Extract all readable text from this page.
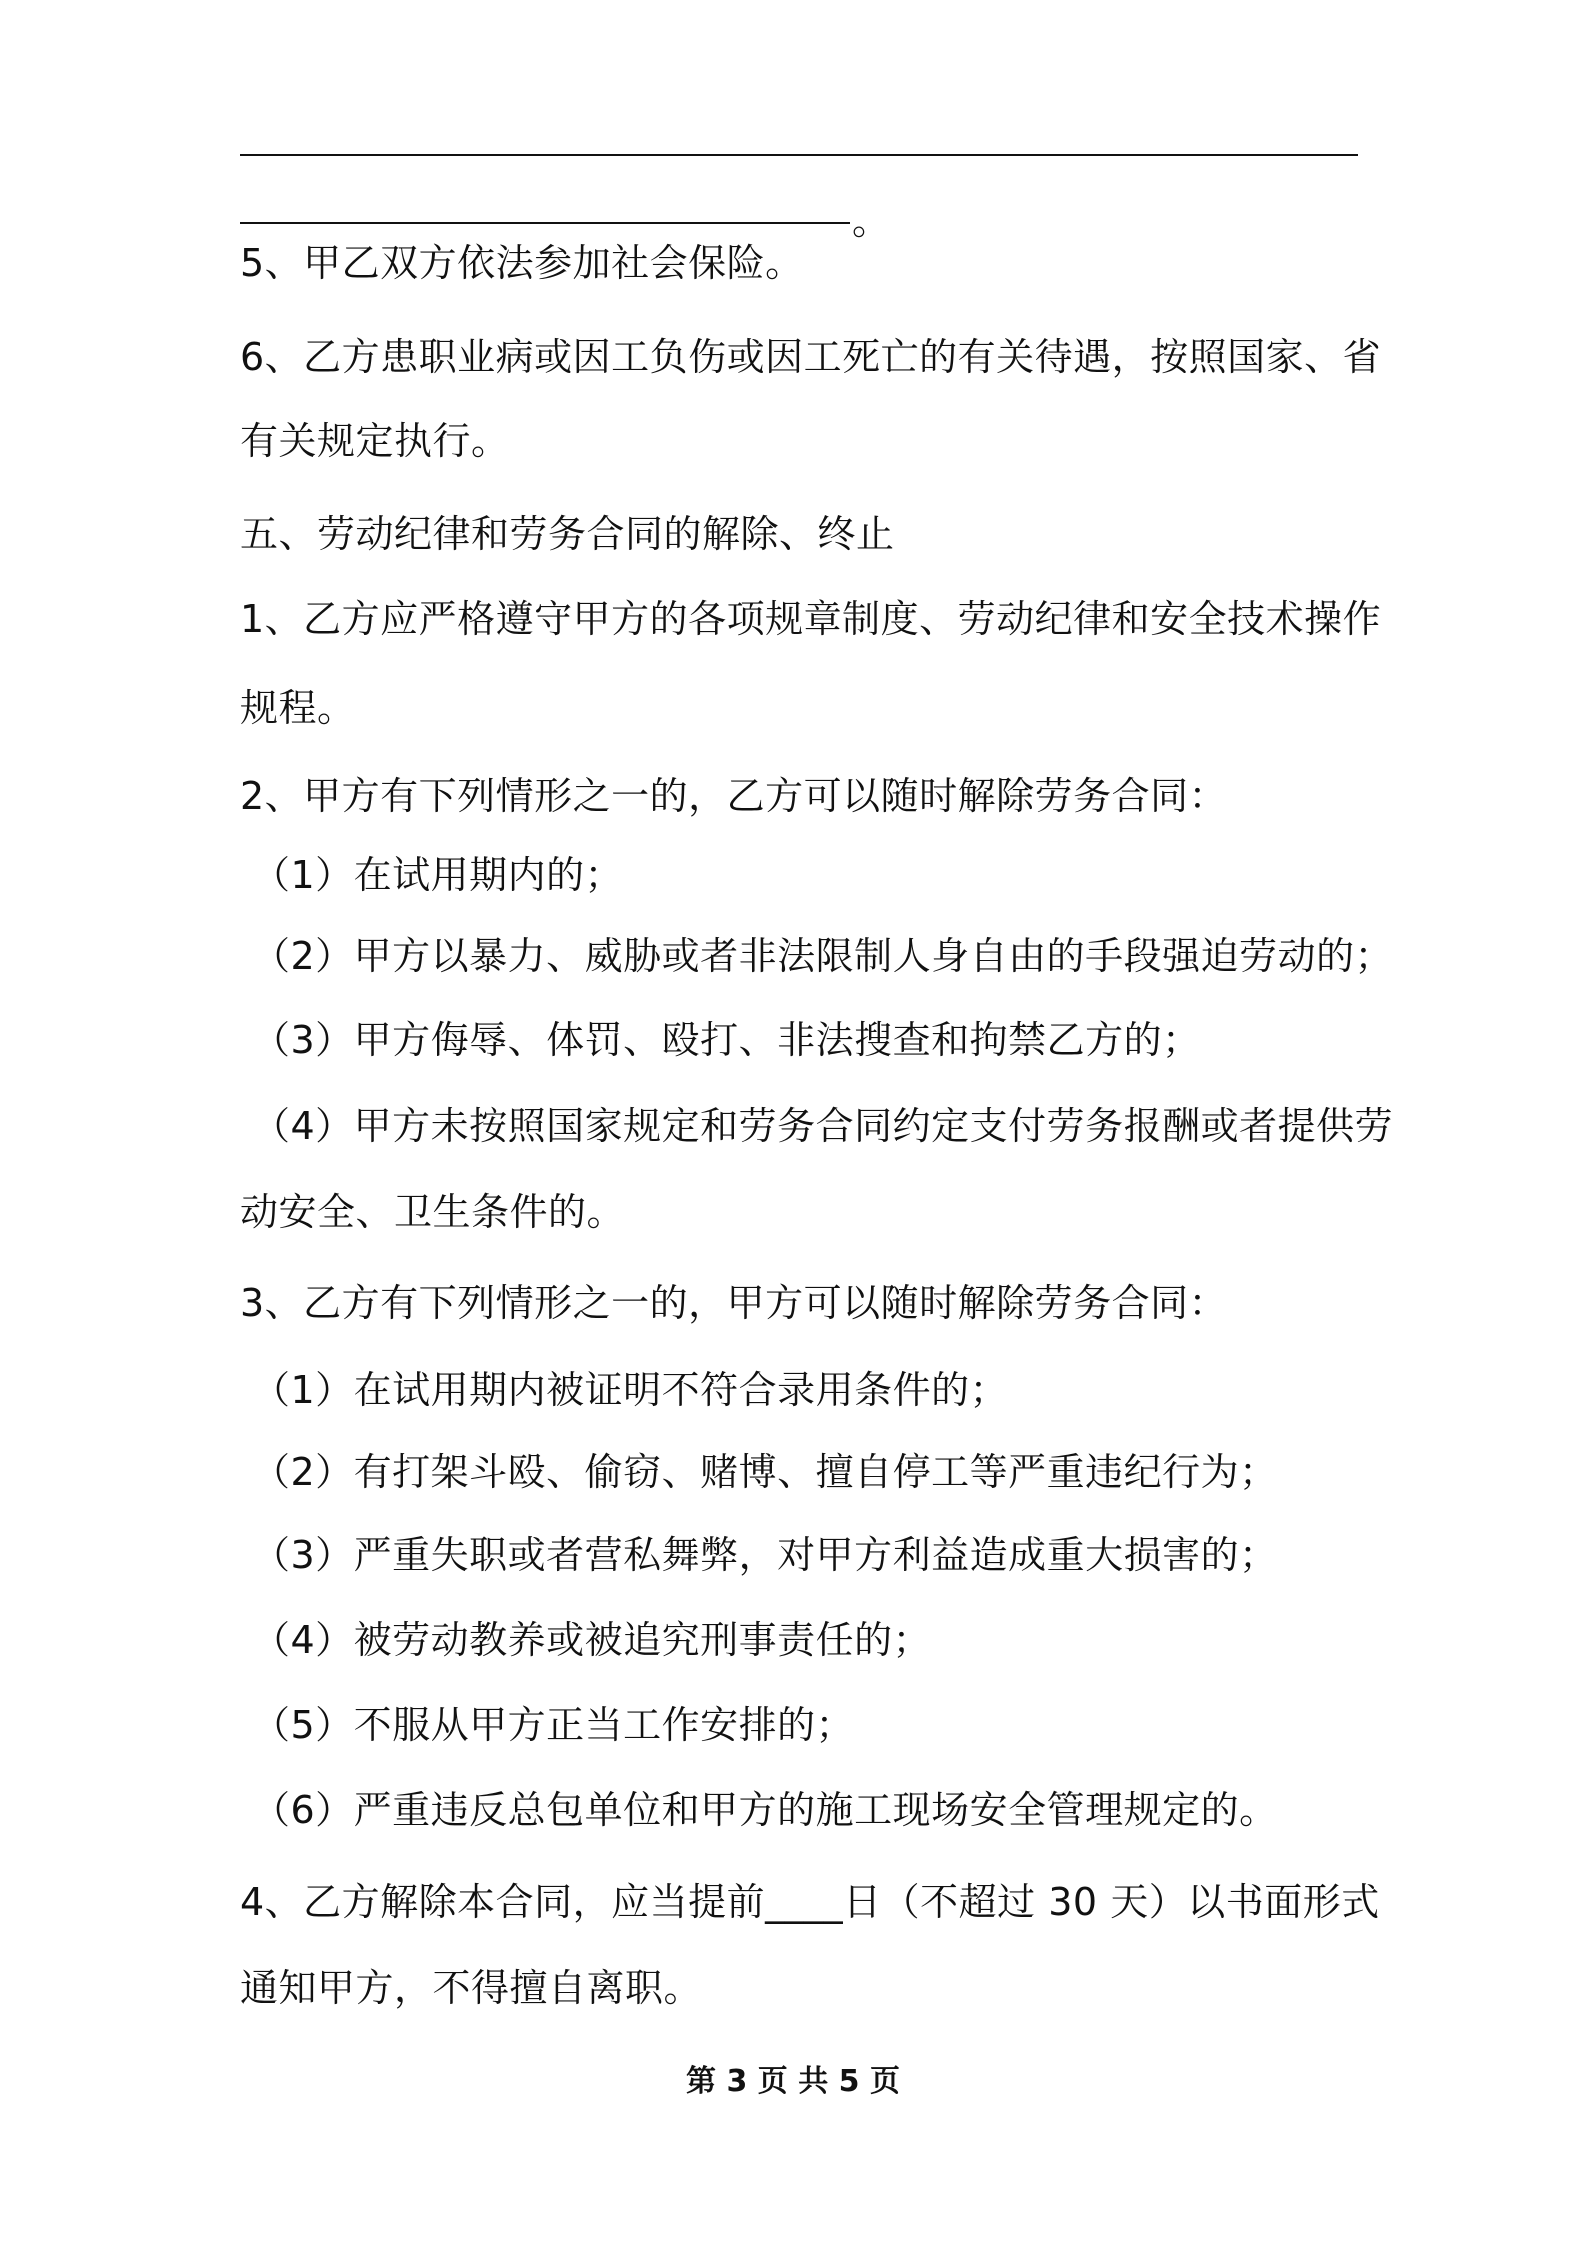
。
5、甲乙双方依法参加社会保险。
6、乙方患职业病或因工负伤或因工死亡的有关待遇，按照国家、省
有关规定执行。
五、劳动纪律和劳务合同的解除、终止
1、乙方应严格遵守甲方的各项规章制度、劳动纪律和安全技术操作
规程。
2、甲方有下列情形之一的，乙方可以随时解除劳务合同：
（1）在试用期内的；
（2）甲方以暴力、威胁或者非法限制人身自由的手段强迫劳动的；
（3）甲方侮辱、体罚、殴打、非法搜查和拘禁乙方的；
（4）甲方未按照国家规定和劳务合同约定支付劳务报酬或者提供劳
动安全、卫生条件的。
3、乙方有下列情形之一的，甲方可以随时解除劳务合同：
（1）在试用期内被证明不符合录用条件的；
（2）有打架斗殴、偷窃、赌博、擅自停工等严重违纪行为；
（3）严重失职或者营私舞弊，对甲方利益造成重大损害的；
（4）被劳动教养或被追究刑事责任的；
（5）不服从甲方正当工作安排的；
（6）严重违反总包单位和甲方的施工现场安全管理规定的。
4、乙方解除本合同，应当提前____日（不超过 30 天）以书面形式
通知甲方，不得擅自离职。
第 3 页 共 5 页
